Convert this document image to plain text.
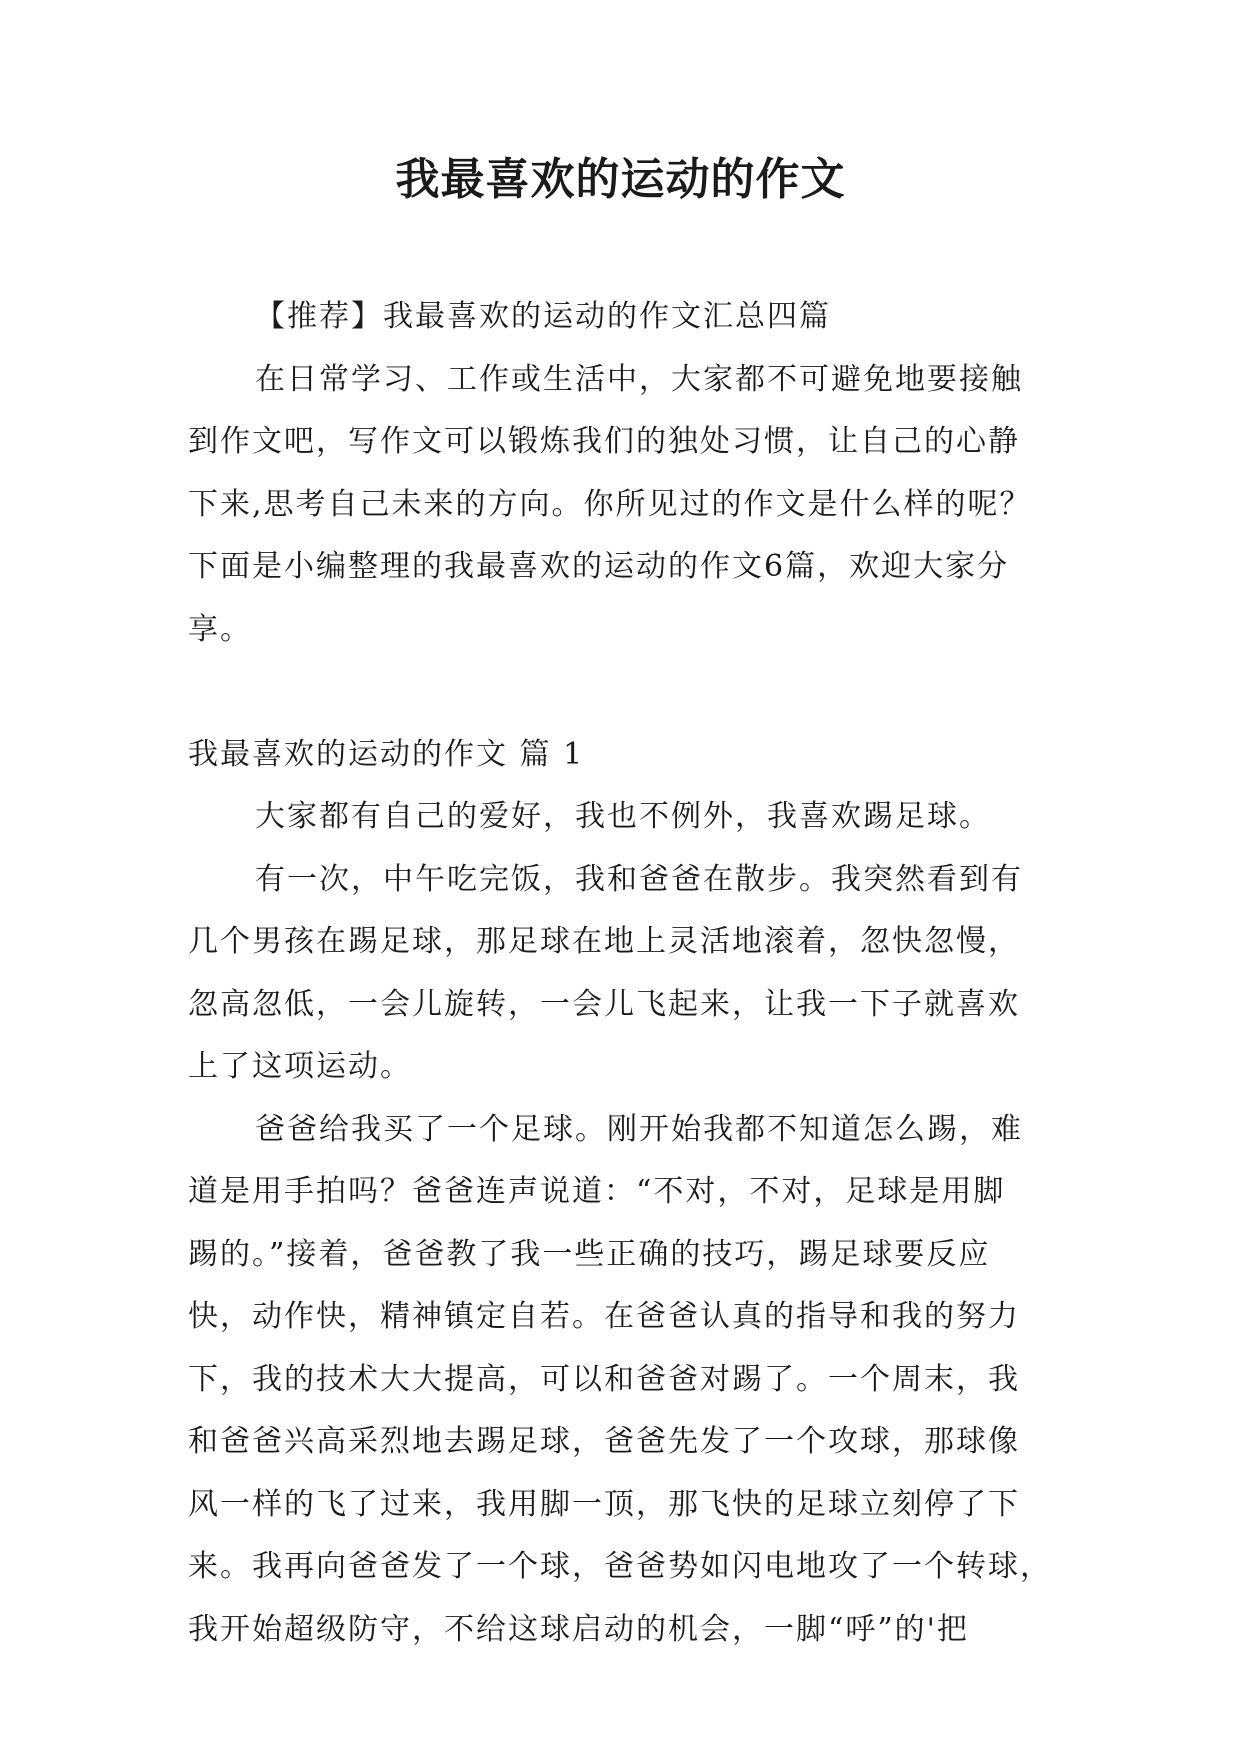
我最喜欢的运动的作文
【推荐】我最喜欢的运动的作文汇总四篇
在日常学习、工作或生活中，大家都不可避免地要接触
到作文吧，写作文可以锻炼我们的独处习惯，让自己的心静
下来,思考自己未来的方向。你所见过的作文是什么样的呢？
下面是小编整理的我最喜欢的运动的作文6篇，欢迎大家分
享。
我最喜欢的运动的作文 篇 1
大家都有自己的爱好，我也不例外，我喜欢踢足球。
有一次，中午吃完饭，我和爸爸在散步。我突然看到有
几个男孩在踢足球，那足球在地上灵活地滚着，忽快忽慢，
忽高忽低，一会儿旋转，一会儿飞起来，让我一下子就喜欢
上了这项运动。
爸爸给我买了一个足球。刚开始我都不知道怎么踢，难
道是用手拍吗？爸爸连声说道：“不对，不对，足球是用脚
踢的。”接着，爸爸教了我一些正确的技巧，踢足球要反应
快，动作快，精神镇定自若。在爸爸认真的指导和我的努力
下，我的技术大大提高，可以和爸爸对踢了。一个周末，我
和爸爸兴高采烈地去踢足球，爸爸先发了一个攻球，那球像
风一样的飞了过来，我用脚一顶，那飞快的足球立刻停了下
来。我再向爸爸发了一个球，爸爸势如闪电地攻了一个转球，
我开始超级防守，不给这球启动的机会，一脚“呼”的'把
